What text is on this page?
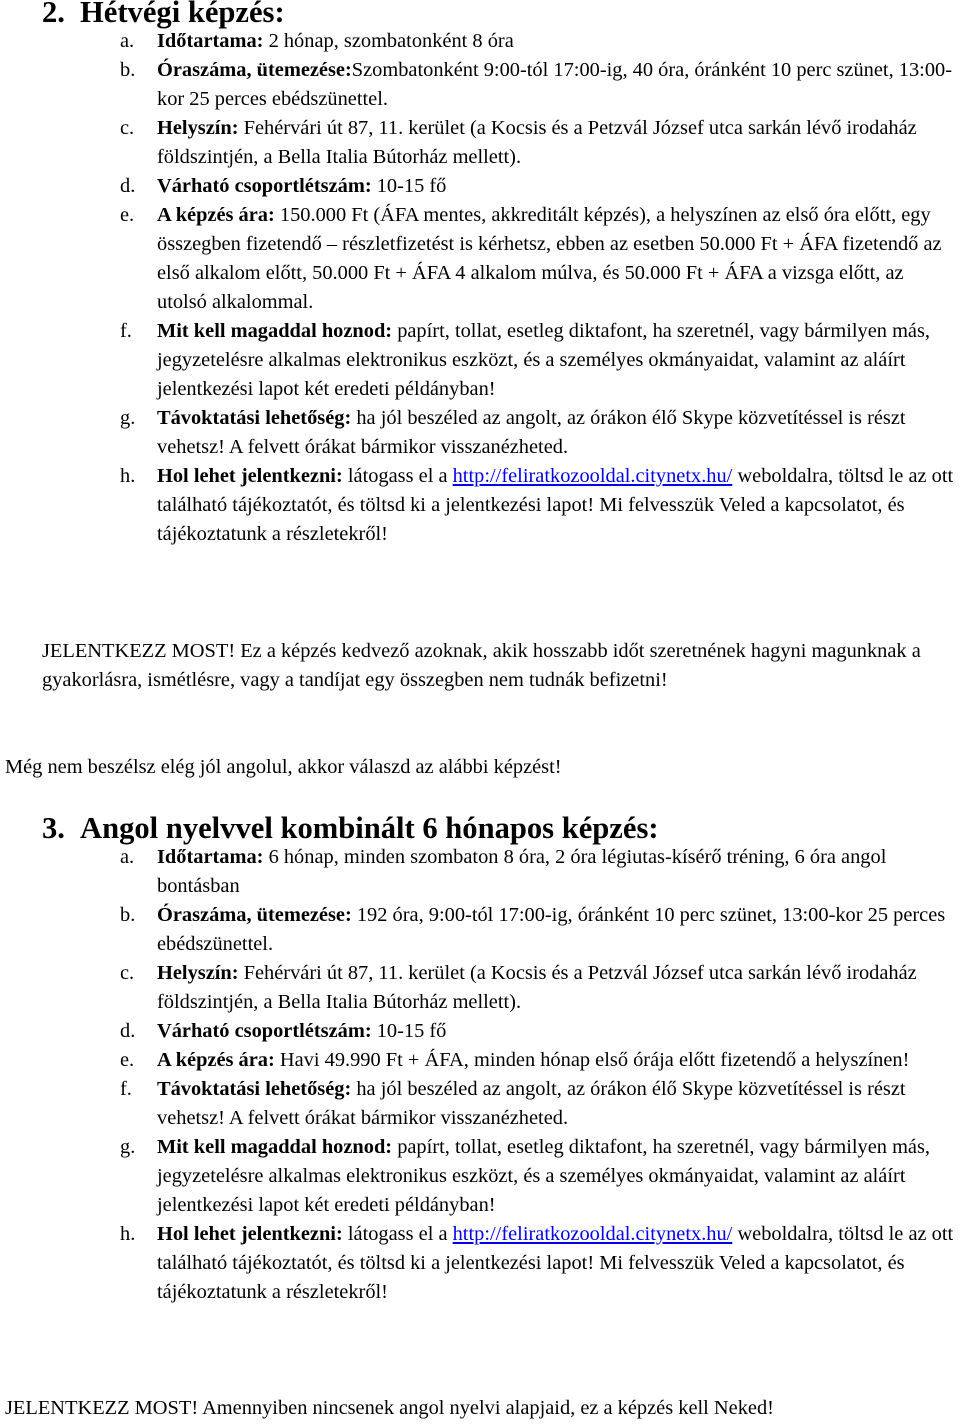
2. Hétvégi képzés:
a. Időtartama: 2 hónap, szombatonként 8 óra
b. Óraszáma, ütemezése:Szombatonként 9:00-tól 17:00-ig, 40 óra, óránként 10 perc szünet, 13:00-kor 25 perces ebédszünettel.
c. Helyszín: Fehérvári út 87, 11. kerület (a Kocsis és a Petzvál József utca sarkán lévő irodaház földszintjén, a Bella Italia Bútorház mellett).
d. Várható csoportlétszám: 10-15 fő
e. A képzés ára: 150.000 Ft (ÁFA mentes, akkreditált képzés), a helyszínen az első óra előtt, egy összegben fizetendő – részletfizetést is kérhetsz, ebben az esetben 50.000 Ft + ÁFA fizetendő az első alkalom előtt, 50.000 Ft + ÁFA 4 alkalom múlva, és 50.000 Ft + ÁFA a vizsga előtt, az utolsó alkalommal.
f. Mit kell magaddal hoznod: papírt, tollat, esetleg diktafont, ha szeretnél, vagy bármilyen más, jegyzetelésre alkalmas elektronikus eszközt, és a személyes okmányaidat, valamint az aláírt jelentkezési lapot két eredeti példányban!
g. Távoktatási lehetőség: ha jól beszéled az angolt, az órákon élő Skype közvetítéssel is részt vehetsz! A felvett órákat bármikor visszanézheted.
h. Hol lehet jelentkezni: látogass el a http://feliratkozooldal.citynetx.hu/ weboldalra, töltsd le az ott található tájékoztatót, és töltsd ki a jelentkezési lapot! Mi felvesszük Veled a kapcsolatot, és tájékoztatunk a részletekről!

JELENTKEZZ MOST! Ez a képzés kedvező azoknak, akik hosszabb időt szeretnének hagyni magunknak a gyakorlásra, ismétlésre, vagy a tandíjat egy összegben nem tudnák befizetni!

Még nem beszélsz elég jól angolul, akkor válaszd az alábbi képzést!

3. Angol nyelvvel kombinált 6 hónapos képzés:
a. Időtartama: 6 hónap, minden szombaton 8 óra, 2 óra légiutas-kísérő tréning, 6 óra angol bontásban
b. Óraszáma, ütemezése: 192 óra, 9:00-tól 17:00-ig, óránként 10 perc szünet, 13:00-kor 25 perces ebédszünettel.
c. Helyszín: Fehérvári út 87, 11. kerület (a Kocsis és a Petzvál József utca sarkán lévő irodaház földszintjén, a Bella Italia Bútorház mellett).
d. Várható csoportlétszám: 10-15 fő
e. A képzés ára: Havi 49.990 Ft + ÁFA, minden hónap első órája előtt fizetendő a helyszínen!
f. Távoktatási lehetőség: ha jól beszéled az angolt, az órákon élő Skype közvetítéssel is részt vehetsz! A felvett órákat bármikor visszanézheted.
g. Mit kell magaddal hoznod: papírt, tollat, esetleg diktafont, ha szeretnél, vagy bármilyen más, jegyzetelésre alkalmas elektronikus eszközt, és a személyes okmányaidat, valamint az aláírt jelentkezési lapot két eredeti példányban!
h. Hol lehet jelentkezni: látogass el a http://feliratkozooldal.citynetx.hu/ weboldalra, töltsd le az ott található tájékoztatót, és töltsd ki a jelentkezési lapot! Mi felvesszük Veled a kapcsolatot, és tájékoztatunk a részletekről!

JELENTKEZZ MOST! Amennyiben nincsenek angol nyelvi alapjaid, ez a képzés kell Neked!
